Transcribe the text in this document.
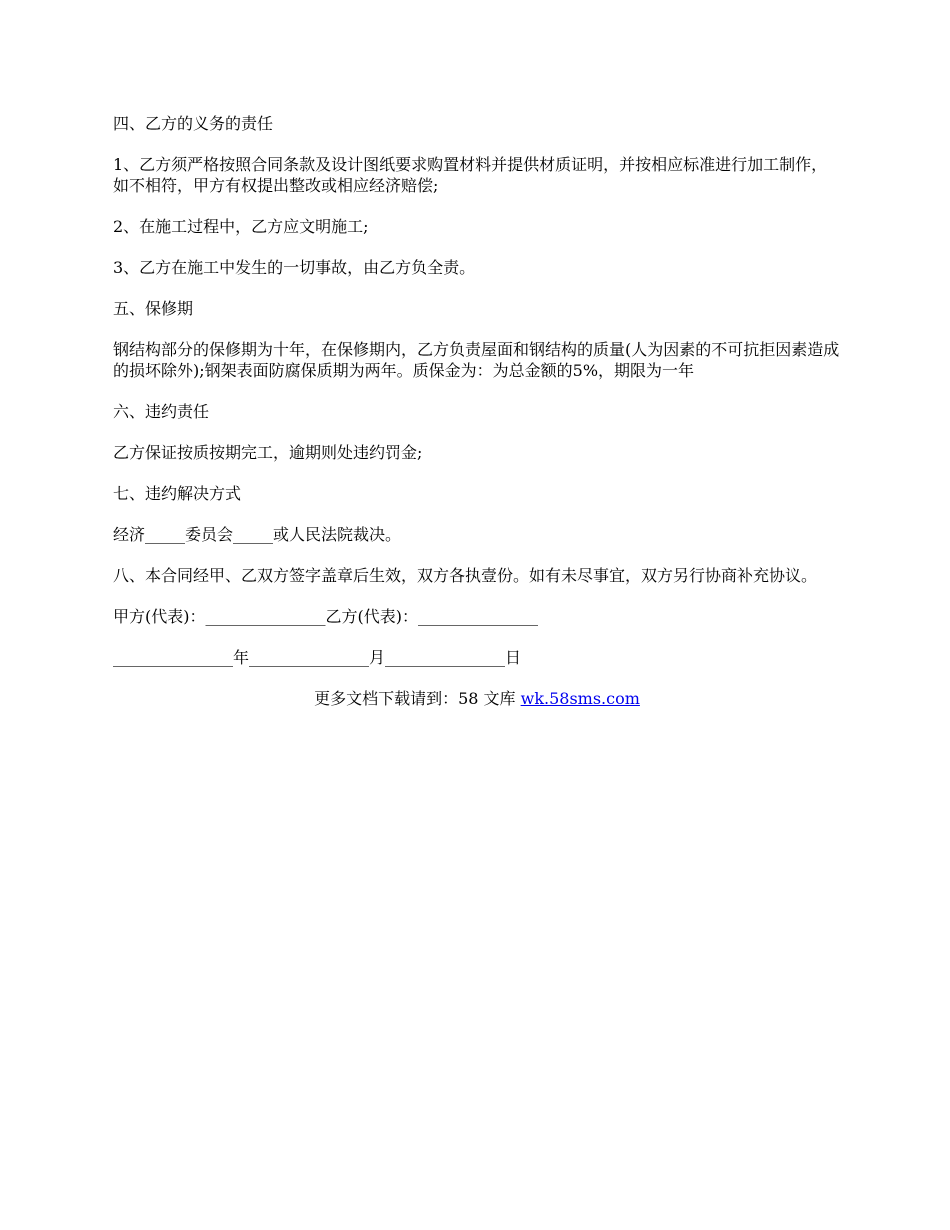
四、乙方的义务的责任

1、乙方须严格按照合同条款及设计图纸要求购置材料并提供材质证明，并按相应标准进行加工制作，如不相符，甲方有权提出整改或相应经济赔偿;

2、在施工过程中，乙方应文明施工;

3、乙方在施工中发生的一切事故，由乙方负全责。

五、保修期

钢结构部分的保修期为十年，在保修期内，乙方负责屋面和钢结构的质量(人为因素的不可抗拒因素造成的损坏除外);钢架表面防腐保质期为两年。质保金为：为总金额的5%，期限为一年

六、违约责任

乙方保证按质按期完工，逾期则处违约罚金;

七、违约解决方式

经济_____委员会_____或人民法院裁决。

八、本合同经甲、乙双方签字盖章后生效，双方各执壹份。如有未尽事宜，双方另行协商补充协议。

甲方(代表)：_______________乙方(代表)：_______________

_______________年_______________月_______________日

更多文档下载请到：58 文库 wk.58sms.com
